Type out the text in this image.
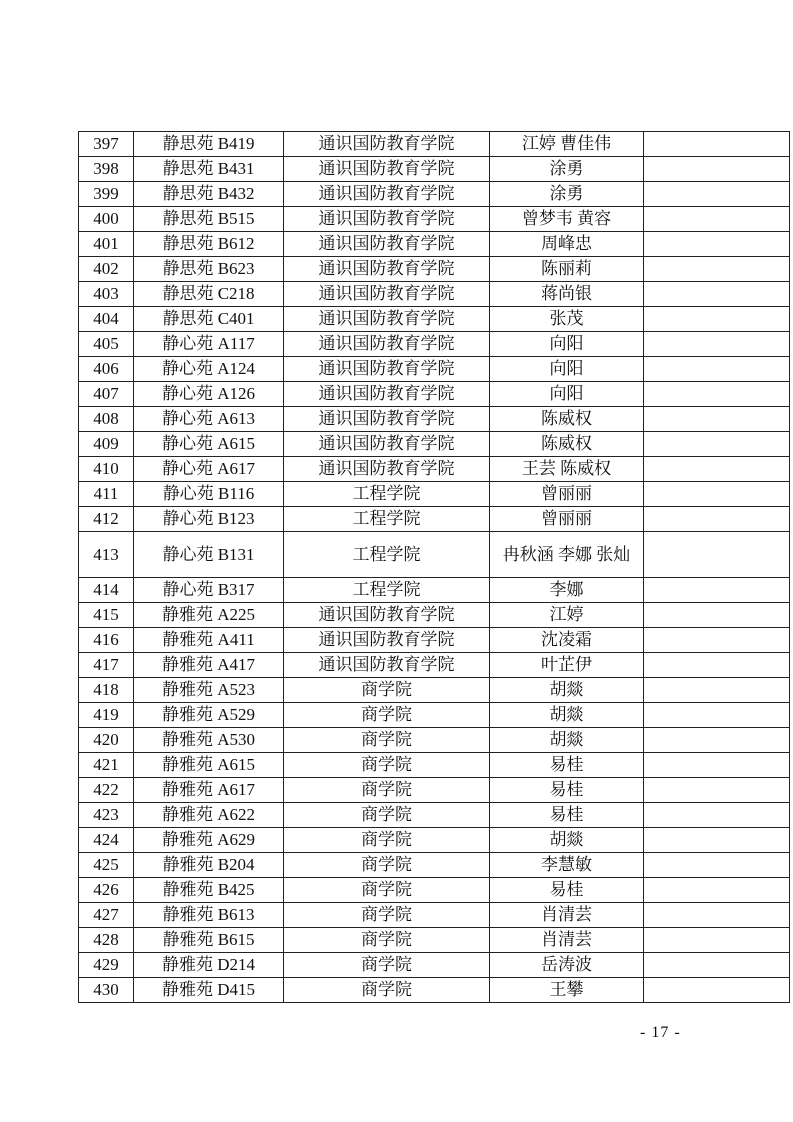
397	静思苑 B419	通识国防教育学院	江婷 曹佳伟	
398	静思苑 B431	通识国防教育学院	涂勇	
399	静思苑 B432	通识国防教育学院	涂勇	
400	静思苑 B515	通识国防教育学院	曾梦韦 黄容	
401	静思苑 B612	通识国防教育学院	周峰忠	
402	静思苑 B623	通识国防教育学院	陈丽莉	
403	静思苑 C218	通识国防教育学院	蒋尚银	
404	静思苑 C401	通识国防教育学院	张茂	
405	静心苑 A117	通识国防教育学院	向阳	
406	静心苑 A124	通识国防教育学院	向阳	
407	静心苑 A126	通识国防教育学院	向阳	
408	静心苑 A613	通识国防教育学院	陈威权	
409	静心苑 A615	通识国防教育学院	陈威权	
410	静心苑 A617	通识国防教育学院	王芸 陈威权	
411	静心苑 B116	工程学院	曾丽丽	
412	静心苑 B123	工程学院	曾丽丽	
413	静心苑 B131	工程学院	冉秋涵 李娜 张灿	
414	静心苑 B317	工程学院	李娜	
415	静雅苑 A225	通识国防教育学院	江婷	
416	静雅苑 A411	通识国防教育学院	沈凌霜	
417	静雅苑 A417	通识国防教育学院	叶芷伊	
418	静雅苑 A523	商学院	胡燚	
419	静雅苑 A529	商学院	胡燚	
420	静雅苑 A530	商学院	胡燚	
421	静雅苑 A615	商学院	易桂	
422	静雅苑 A617	商学院	易桂	
423	静雅苑 A622	商学院	易桂	
424	静雅苑 A629	商学院	胡燚	
425	静雅苑 B204	商学院	李慧敏	
426	静雅苑 B425	商学院	易桂	
427	静雅苑 B613	商学院	肖清芸	
428	静雅苑 B615	商学院	肖清芸	
429	静雅苑 D214	商学院	岳涛波	
430	静雅苑 D415	商学院	王攀	
- 17 -
